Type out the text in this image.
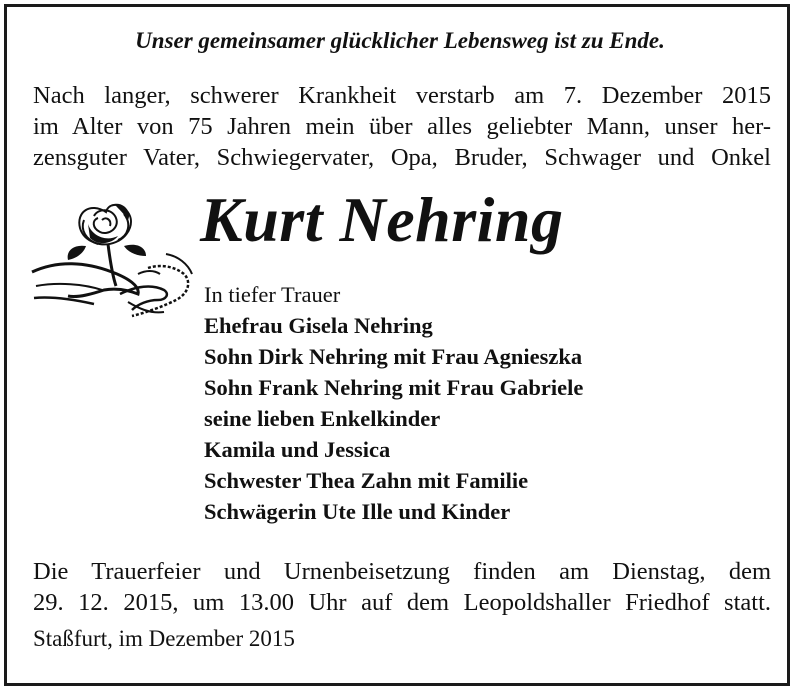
Unser gemeinsamer glücklicher Lebensweg ist zu Ende.
Nach langer, schwerer Krankheit verstarb am 7. Dezember 2015
im Alter von 75 Jahren mein über alles geliebter Mann, unser her-
zensguter Vater, Schwiegervater, Opa, Bruder, Schwager und Onkel
Kurt Nehring
In tiefer Trauer
Ehefrau Gisela Nehring
Sohn Dirk Nehring mit Frau Agnieszka
Sohn Frank Nehring mit Frau Gabriele
seine lieben Enkelkinder
Kamila und Jessica
Schwester Thea Zahn mit Familie
Schwägerin Ute Ille und Kinder
Die Trauerfeier und Urnenbeisetzung finden am Dienstag, dem
29. 12. 2015, um 13.00 Uhr auf dem Leopoldshaller Friedhof statt.
Staßfurt, im Dezember 2015
